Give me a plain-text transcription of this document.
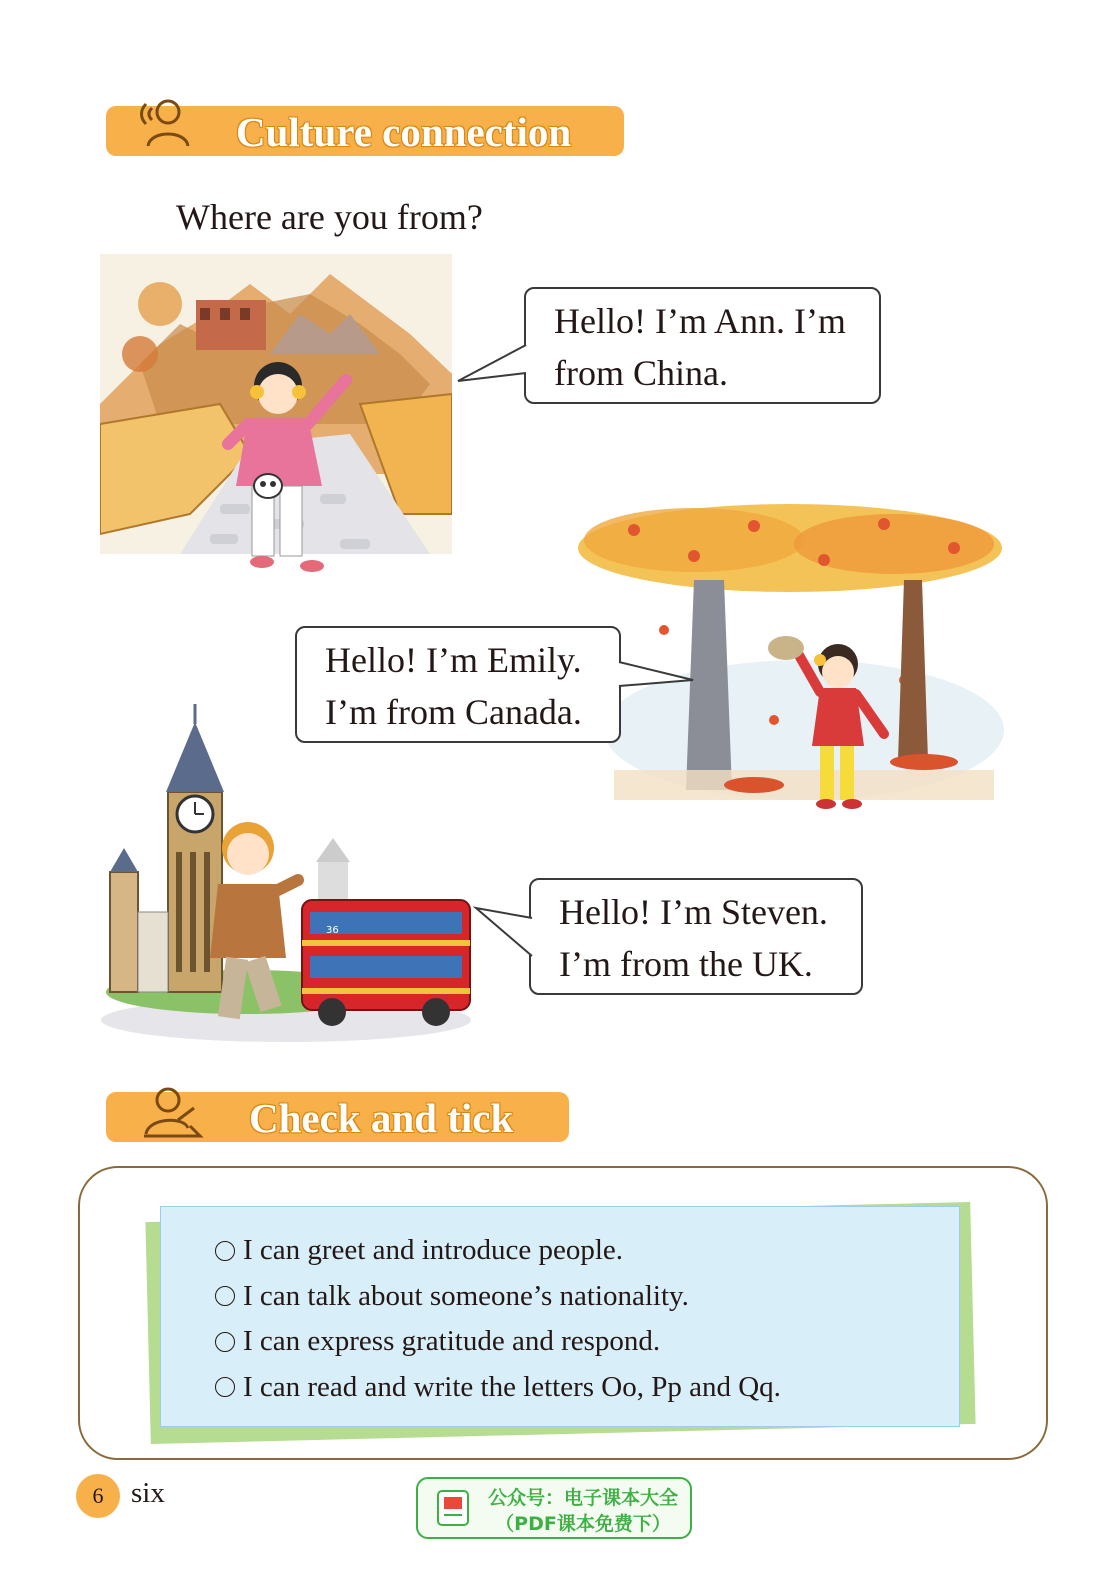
Culture connection
Where are you from?
Hello! I’m Ann. I’m
from China.
Hello! I’m Emily.
I’m from Canada.
36	Hello! I’m Steven.
I’m from the UK.
Check and tick
I can greet and introduce people.
I can talk about someone’s nationality.
I can express gratitude and respond.
I can read and write the letters Oo, Pp and Qq.
6 six	公众号：电子课本大全
（PDF课本免费下）
